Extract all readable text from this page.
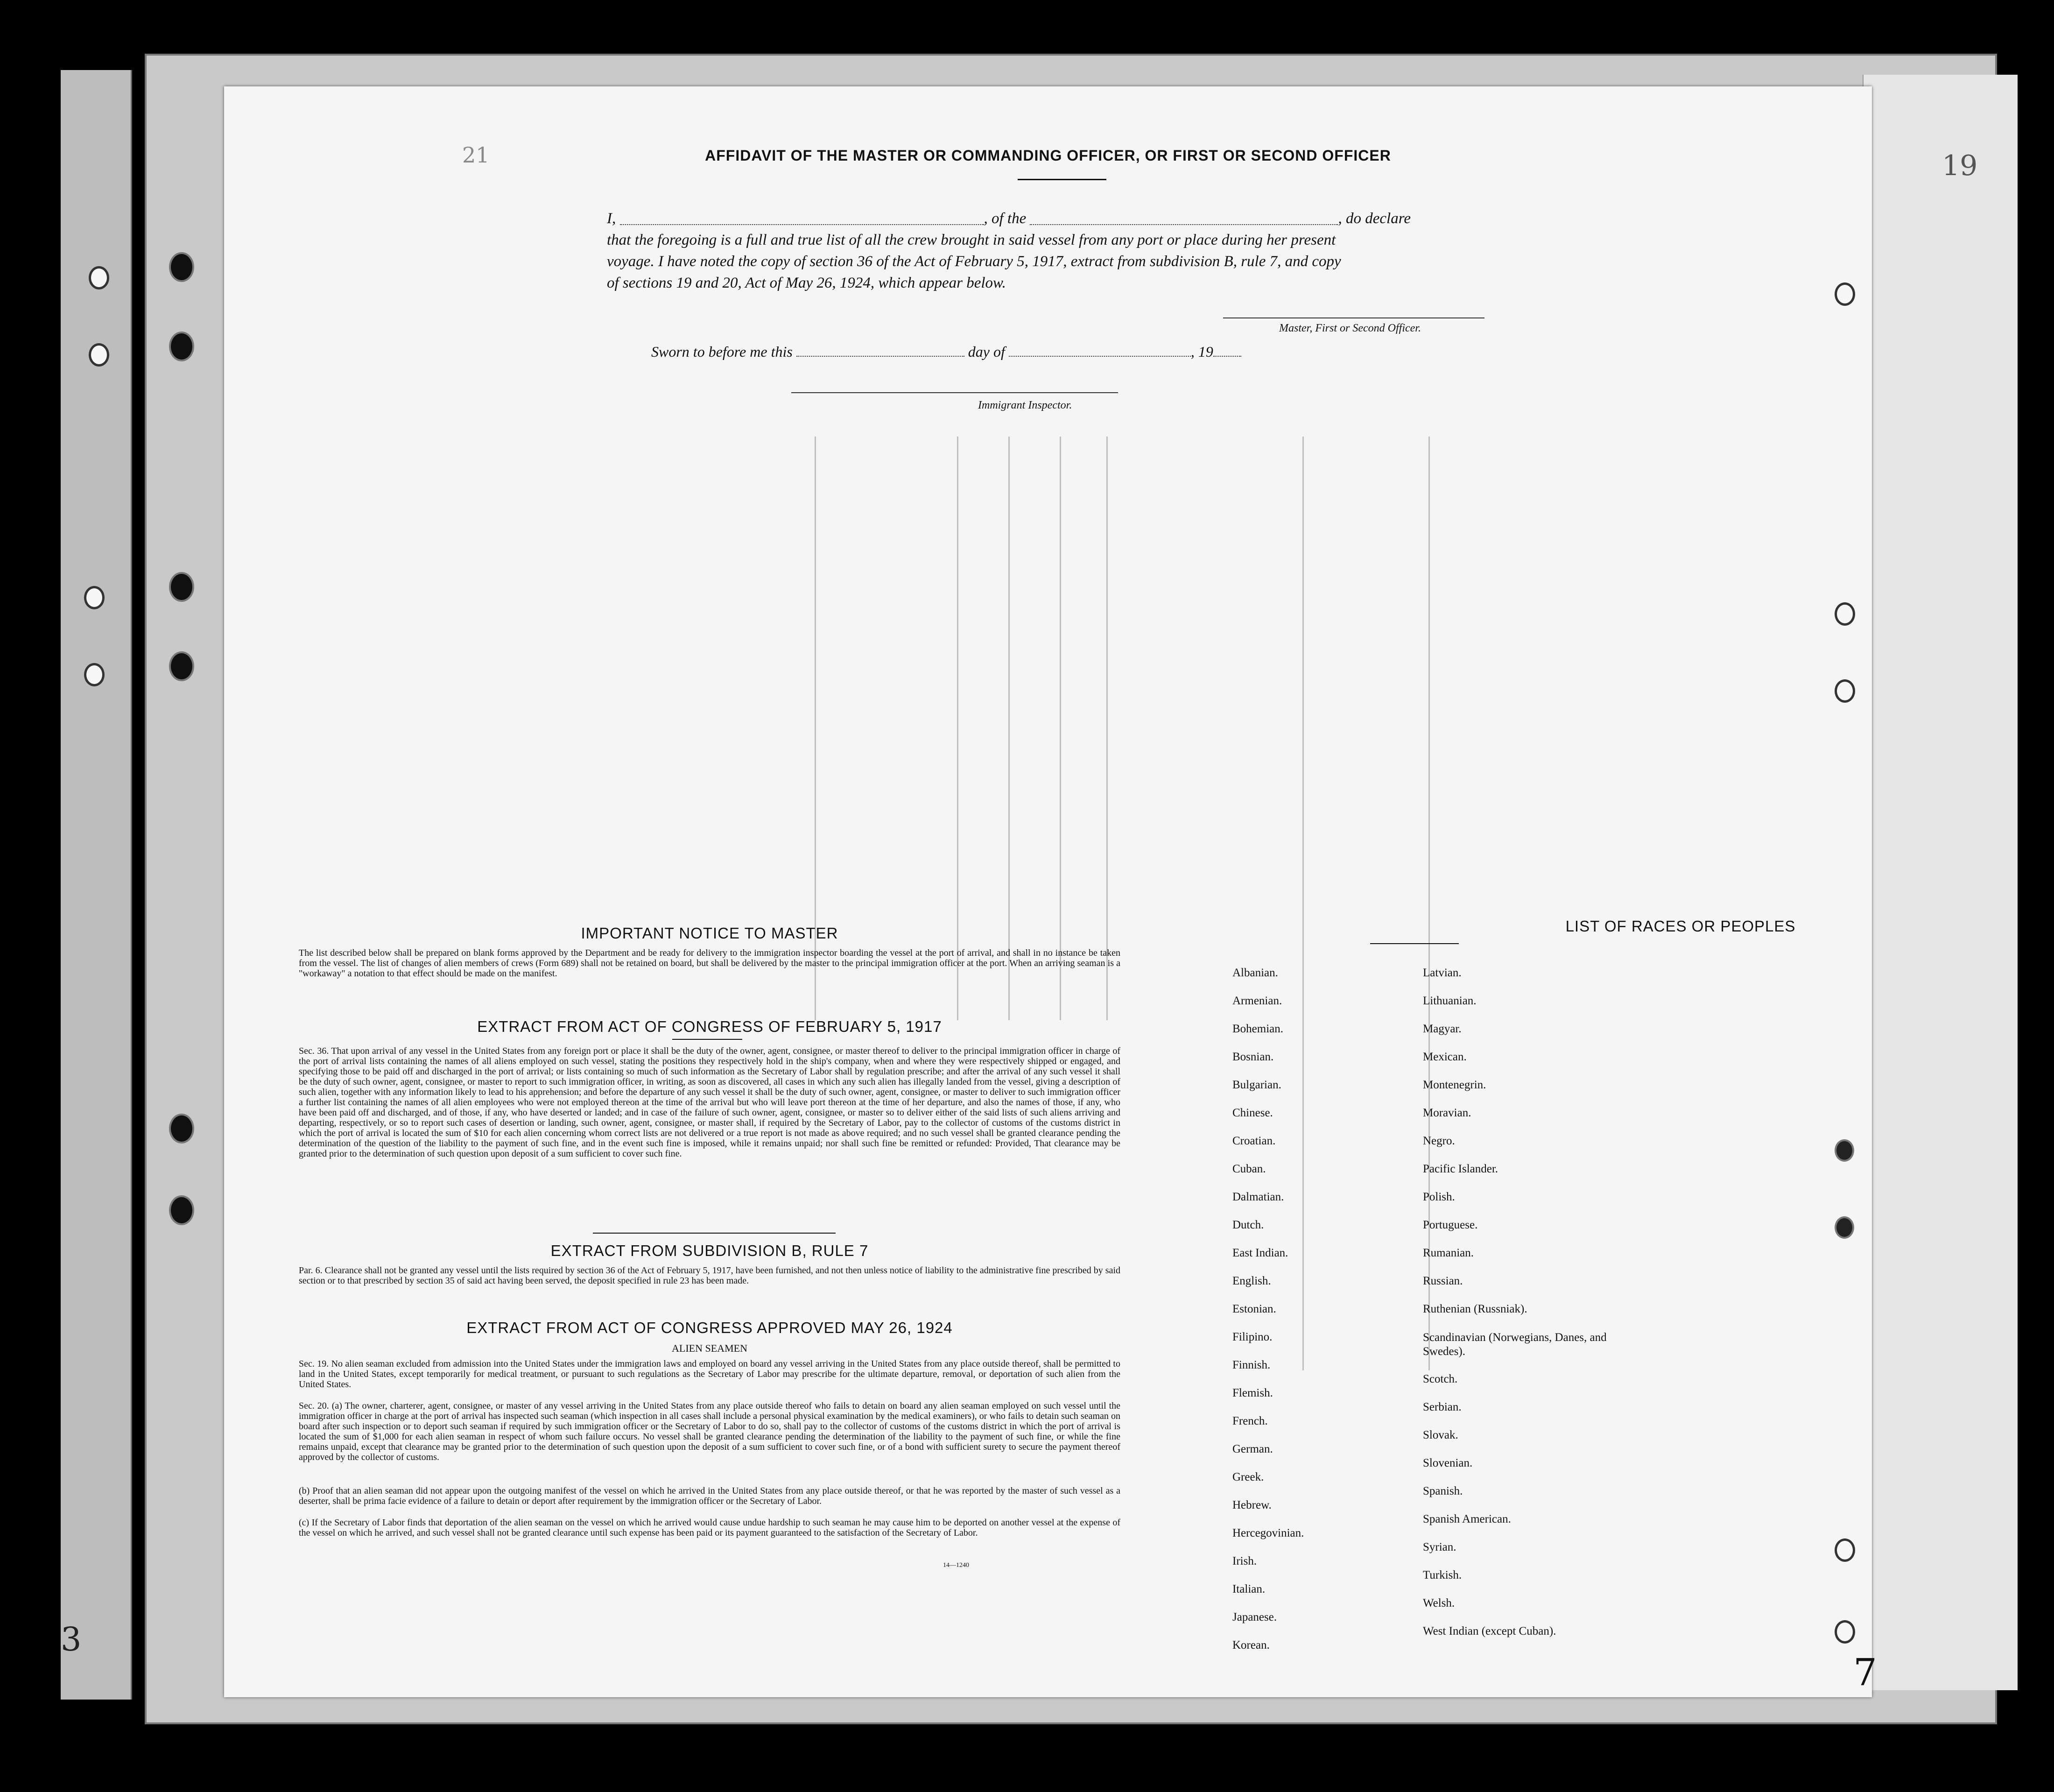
AFFIDAVIT OF THE MASTER OR COMMANDING OFFICER, OR FIRST OR SECOND OFFICER
I,	, of the	, do declare
that the foregoing is a full and true list of all the crew brought in said vessel from any port or place during her present
voyage. I have noted the copy of section 36 of the Act of February 5, 1917, extract from subdivision B, rule 7, and copy
of sections 19 and 20, Act of May 26, 1924, which appear below.
Master, First or Second Officer.
Sworn to before me this	day of	, 19
Immigrant Inspector.
IMPORTANT NOTICE TO MASTER
The list described below shall be prepared on blank forms approved by the Department and be ready for delivery to the immigration inspector boarding the vessel at the port of arrival, and shall in no instance be taken from the vessel. The list of changes of alien members of crews (Form 689) shall not be retained on board, but shall be delivered by the master to the principal immigration officer at the port. When an arriving seaman is a "workaway" a notation to that effect should be made on the manifest.
EXTRACT FROM ACT OF CONGRESS OF FEBRUARY 5, 1917
Sec. 36. That upon arrival of any vessel in the United States from any foreign port or place it shall be the duty of the owner, agent, consignee, or master thereof to deliver to the principal immigration officer in charge of the port of arrival lists containing the names of all aliens employed on such vessel, stating the positions they respectively hold in the ship's company, when and where they were respectively shipped or engaged, and specifying those to be paid off and discharged in the port of arrival; or lists containing so much of such information as the Secretary of Labor shall by regulation prescribe; and after the arrival of any such vessel it shall be the duty of such owner, agent, consignee, or master to report to such immigration officer, in writing, as soon as discovered, all cases in which any such alien has illegally landed from the vessel, giving a description of such alien, together with any information likely to lead to his apprehension; and before the departure of any such vessel it shall be the duty of such owner, agent, consignee, or master to deliver to such immigration officer a further list containing the names of all alien employees who were not employed thereon at the time of the arrival but who will leave port thereon at the time of her departure, and also the names of those, if any, who have been paid off and discharged, and of those, if any, who have deserted or landed; and in case of the failure of such owner, agent, consignee, or master so to deliver either of the said lists of such aliens arriving and departing, respectively, or so to report such cases of desertion or landing, such owner, agent, consignee, or master shall, if required by the Secretary of Labor, pay to the collector of customs of the customs district in which the port of arrival is located the sum of $10 for each alien concerning whom correct lists are not delivered or a true report is not made as above required; and no such vessel shall be granted clearance pending the determination of the question of the liability to the payment of such fine, and in the event such fine is imposed, while it remains unpaid; nor shall such fine be remitted or refunded: Provided, That clearance may be granted prior to the determination of such question upon deposit of a sum sufficient to cover such fine.
EXTRACT FROM SUBDIVISION B, RULE 7
Par. 6. Clearance shall not be granted any vessel until the lists required by section 36 of the Act of February 5, 1917, have been furnished, and not then unless notice of liability to the administrative fine prescribed by said section or to that prescribed by section 35 of said act having been served, the deposit specified in rule 23 has been made.
EXTRACT FROM ACT OF CONGRESS APPROVED MAY 26, 1924
ALIEN SEAMEN
Sec. 19. No alien seaman excluded from admission into the United States under the immigration laws and employed on board any vessel arriving in the United States from any place outside thereof, shall be permitted to land in the United States, except temporarily for medical treatment, or pursuant to such regulations as the Secretary of Labor may prescribe for the ultimate departure, removal, or deportation of such alien from the United States.
Sec. 20. (a) The owner, charterer, agent, consignee, or master of any vessel arriving in the United States from any place outside thereof who fails to detain on board any alien seaman employed on such vessel until the immigration officer in charge at the port of arrival has inspected such seaman (which inspection in all cases shall include a personal physical examination by the medical examiners), or who fails to detain such seaman on board after such inspection or to deport such seaman if required by such immigration officer or the Secretary of Labor to do so, shall pay to the collector of customs of the customs district in which the port of arrival is located the sum of $1,000 for each alien seaman in respect of whom such failure occurs. No vessel shall be granted clearance pending the determination of the liability to the payment of such fine, or while the fine remains unpaid, except that clearance may be granted prior to the determination of such question upon the deposit of a sum sufficient to cover such fine, or of a bond with sufficient surety to secure the payment thereof approved by the collector of customs.
(b) Proof that an alien seaman did not appear upon the outgoing manifest of the vessel on which he arrived in the United States from any place outside thereof, or that he was reported by the master of such vessel as a deserter, shall be prima facie evidence of a failure to detain or deport after requirement by the immigration officer or the Secretary of Labor.
(c) If the Secretary of Labor finds that deportation of the alien seaman on the vessel on which he arrived would cause undue hardship to such seaman he may cause him to be deported on another vessel at the expense of the vessel on which he arrived, and such vessel shall not be granted clearance until such expense has been paid or its payment guaranteed to the satisfaction of the Secretary of Labor.
14—1240
LIST OF RACES OR PEOPLES
Albanian.
Armenian.
Bohemian.
Bosnian.
Bulgarian.
Chinese.
Croatian.
Cuban.
Dalmatian.
Dutch.
East Indian.
English.
Estonian.
Filipino.
Finnish.
Flemish.
French.
German.
Greek.
Hebrew.
Hercegovinian.
Irish.
Italian.
Japanese.
Korean.
Latvian.
Lithuanian.
Magyar.
Mexican.
Montenegrin.
Moravian.
Negro.
Pacific Islander.
Polish.
Portuguese.
Rumanian.
Russian.
Ruthenian (Russniak).
Scandinavian (Norwegians, Danes, and Swedes).
Scotch.
Serbian.
Slovak.
Slovenian.
Spanish.
Spanish American.
Syrian.
Turkish.
Welsh.
West Indian (except Cuban).
21	19
3
7
